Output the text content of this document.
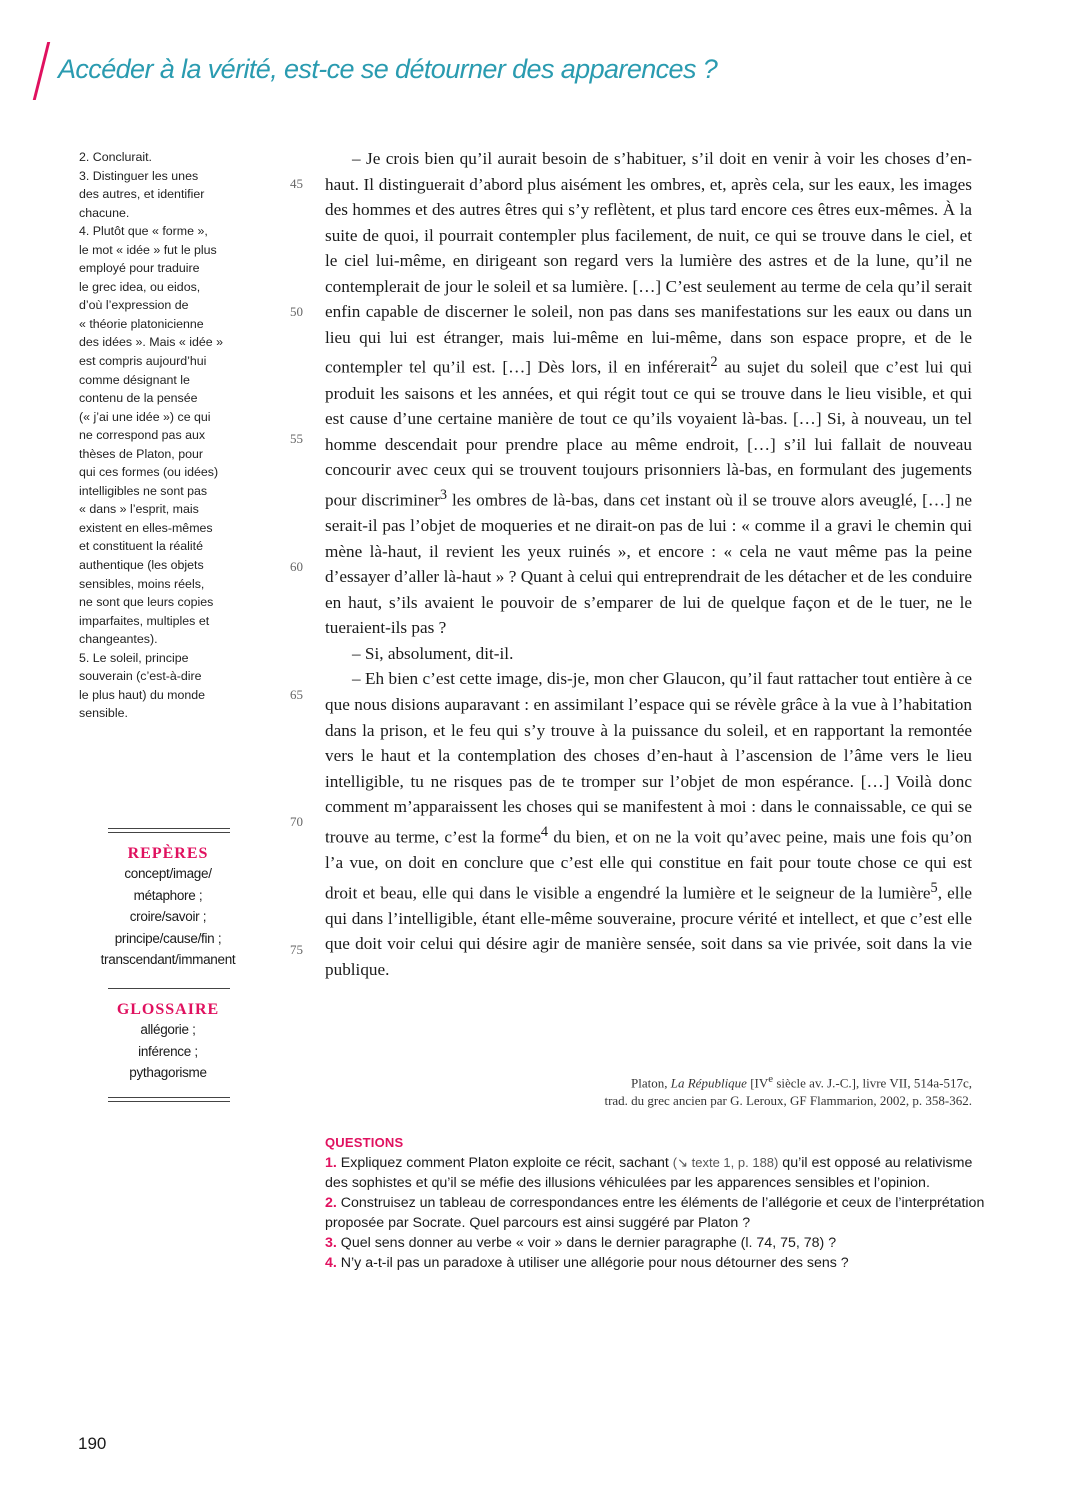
Accéder à la vérité, est-ce se détourner des apparences ?
2. Conclurait.
3. Distinguer les unes
des autres, et identifier
chacune.
4. Plutôt que « forme »,
le mot « idée » fut le plus
employé pour traduire
le grec idea, ou eidos,
d’où l’expression de
« théorie platonicienne
des idées ». Mais « idée »
est compris aujourd’hui
comme désignant le
contenu de la pensée
(« j’ai une idée ») ce qui
ne correspond pas aux
thèses de Platon, pour
qui ces formes (ou idées)
intelligibles ne sont pas
« dans » l’esprit, mais
existent en elles-mêmes
et constituent la réalité
authentique (les objets
sensibles, moins réels,
ne sont que leurs copies
imparfaites, multiples et
changeantes).
5. Le soleil, principe
souverain (c’est-à-dire
le plus haut) du monde
sensible.
REPÈRES
concept/image/
métaphore ;
croire/savoir ;
principe/cause/fin ;
transcendant/immanent
GLOSSAIRE
allégorie ;
inférence ;
pythagorisme
45
50
55
60
65
70
75

– Je crois bien qu’il aurait besoin de s’habituer, s’il doit en venir à voir les choses d’en-haut. Il distinguerait d’abord plus aisément les ombres, et, après cela, sur les eaux, les images des hommes et des autres êtres qui s’y reflètent, et plus tard encore ces êtres eux-mêmes. À la suite de quoi, il pourrait contempler plus facilement, de nuit, ce qui se trouve dans le ciel, et le ciel lui-même, en dirigeant son regard vers la lumière des astres et de la lune, qu’il ne contemplerait de jour le soleil et sa lumière. […] C’est seulement au terme de cela qu’il serait enfin capable de discerner le soleil, non pas dans ses manifestations sur les eaux ou dans un lieu qui lui est étranger, mais lui-même en lui-même, dans son espace propre, et de le contempler tel qu’il est. […] Dès lors, il en inférerait$^2$ au sujet du soleil que c’est lui qui produit les saisons et les années, et qui régit tout ce qui se trouve dans le lieu visible, et qui est cause d’une certaine manière de tout ce qu’ils voyaient là-bas. […] Si, à nouveau, un tel homme descendait pour prendre place au même endroit, […] s’il lui fallait de nouveau concourir avec ceux qui se trouvent toujours prisonniers là-bas, en formulant des jugements pour discriminer$^3$ les ombres de là-bas, dans cet instant où il se trouve alors aveuglé, […] ne serait-il pas l’objet de moqueries et ne dirait-on pas de lui : « comme il a gravi le chemin qui mène là-haut, il revient les yeux ruinés », et encore : « cela ne vaut même pas la peine d’essayer d’aller là-haut » ? Quant à celui qui entreprendrait de les détacher et de les conduire en haut, s’ils avaient le pouvoir de s’emparer de lui de quelque façon et de le tuer, ne le tueraient-ils pas ?

– Si, absolument, dit-il.

– Eh bien c’est cette image, dis-je, mon cher Glaucon, qu’il faut rattacher tout entière à ce que nous disions auparavant : en assimilant l’espace qui se révèle grâce à la vue à l’habitation dans la prison, et le feu qui s’y trouve à la puissance du soleil, et en rapportant la remontée vers le haut et la contemplation des choses d’en-haut à l’ascension de l’âme vers le lieu intelligible, tu ne risques pas de te tromper sur l’objet de mon espérance. […] Voilà donc comment m’apparaissent les choses qui se manifestent à moi : dans le connaissable, ce qui se trouve au terme, c’est la forme$^4$ du bien, et on ne la voit qu’avec peine, mais une fois qu’on l’a vue, on doit en conclure que c’est elle qui constitue en fait pour toute chose ce qui est droit et beau, elle qui dans le visible a engendré la lumière et le seigneur de la lumière$^5$, elle qui dans l’intelligible, étant elle-même souveraine, procure vérité et intellect, et que c’est elle que doit voir celui qui désire agir de manière sensée, soit dans sa vie privée, soit dans la vie publique.

Platon, La République [IVe siècle av. J.-C.], livre VII, 514a-517c,
trad. du grec ancien par G. Leroux, GF Flammarion, 2002, p. 358-362.
QUESTIONS
1. Expliquez comment Platon exploite ce récit, sachant (↘ texte 1, p. 188) qu’il est opposé au relativisme des sophistes et qu’il se méfie des illusions véhiculées par les apparences sensibles et l’opinion.
2. Construisez un tableau de correspondances entre les éléments de l’allégorie et ceux de l’interprétation proposée par Socrate. Quel parcours est ainsi suggéré par Platon ?
3. Quel sens donner au verbe « voir » dans le dernier paragraphe (l. 74, 75, 78) ?
4. N’y a-t-il pas un paradoxe à utiliser une allégorie pour nous détourner des sens ?
190
